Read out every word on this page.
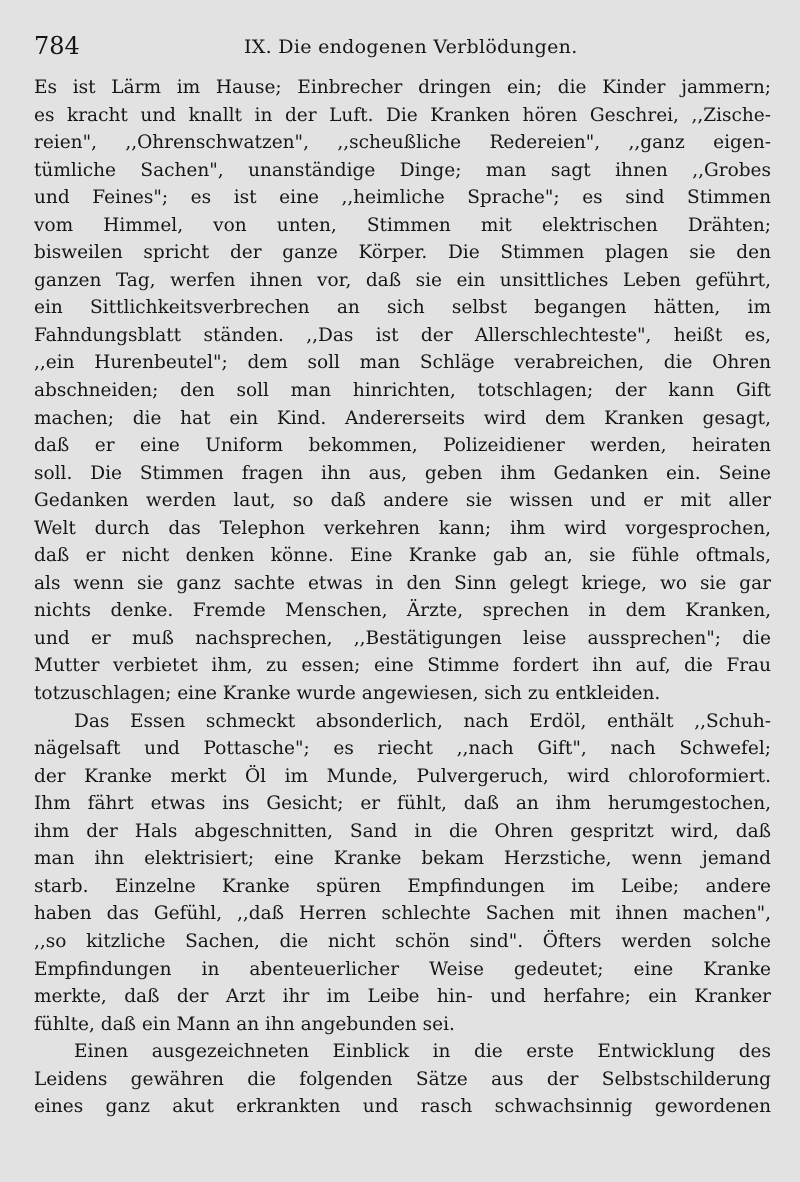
784	IX. Die endogenen Verblödungen.
Es ist Lärm im Hause; Einbrecher dringen ein; die Kinder jammern;
es kracht und knallt in der Luft. Die Kranken hören Geschrei, ,,Zische-
reien", ,,Ohrenschwatzen", ,,scheußliche Redereien", ,,ganz eigen-
tümliche Sachen", unanständige Dinge; man sagt ihnen ,,Grobes
und Feines"; es ist eine ,,heimliche Sprache"; es sind Stimmen
vom Himmel, von unten, Stimmen mit elektrischen Drähten;
bisweilen spricht der ganze Körper. Die Stimmen plagen sie den
ganzen Tag, werfen ihnen vor, daß sie ein unsittliches Leben geführt,
ein Sittlichkeitsverbrechen an sich selbst begangen hätten, im
Fahndungsblatt ständen. ,,Das ist der Allerschlechteste", heißt es,
,,ein Hurenbeutel"; dem soll man Schläge verabreichen, die Ohren
abschneiden; den soll man hinrichten, totschlagen; der kann Gift
machen; die hat ein Kind. Andererseits wird dem Kranken gesagt,
daß er eine Uniform bekommen, Polizeidiener werden, heiraten
soll. Die Stimmen fragen ihn aus, geben ihm Gedanken ein. Seine
Gedanken werden laut, so daß andere sie wissen und er mit aller
Welt durch das Telephon verkehren kann; ihm wird vorgesprochen,
daß er nicht denken könne. Eine Kranke gab an, sie fühle oftmals,
als wenn sie ganz sachte etwas in den Sinn gelegt kriege, wo sie gar
nichts denke. Fremde Menschen, Ärzte, sprechen in dem Kranken,
und er muß nachsprechen, ,,Bestätigungen leise aussprechen"; die
Mutter verbietet ihm, zu essen; eine Stimme fordert ihn auf, die Frau
totzuschlagen; eine Kranke wurde angewiesen, sich zu entkleiden.
Das Essen schmeckt absonderlich, nach Erdöl, enthält ,,Schuh-
nägelsaft und Pottasche"; es riecht ,,nach Gift", nach Schwefel;
der Kranke merkt Öl im Munde, Pulvergeruch, wird chloroformiert.
Ihm fährt etwas ins Gesicht; er fühlt, daß an ihm herumgestochen,
ihm der Hals abgeschnitten, Sand in die Ohren gespritzt wird, daß
man ihn elektrisiert; eine Kranke bekam Herzstiche, wenn jemand
starb. Einzelne Kranke spüren Empfindungen im Leibe; andere
haben das Gefühl, ,,daß Herren schlechte Sachen mit ihnen machen",
,,so kitzliche Sachen, die nicht schön sind". Öfters werden solche
Empfindungen in abenteuerlicher Weise gedeutet; eine Kranke
merkte, daß der Arzt ihr im Leibe hin- und herfahre; ein Kranker
fühlte, daß ein Mann an ihn angebunden sei.
Einen ausgezeichneten Einblick in die erste Entwicklung des
Leidens gewähren die folgenden Sätze aus der Selbstschilderung
eines ganz akut erkrankten und rasch schwachsinnig gewordenen
